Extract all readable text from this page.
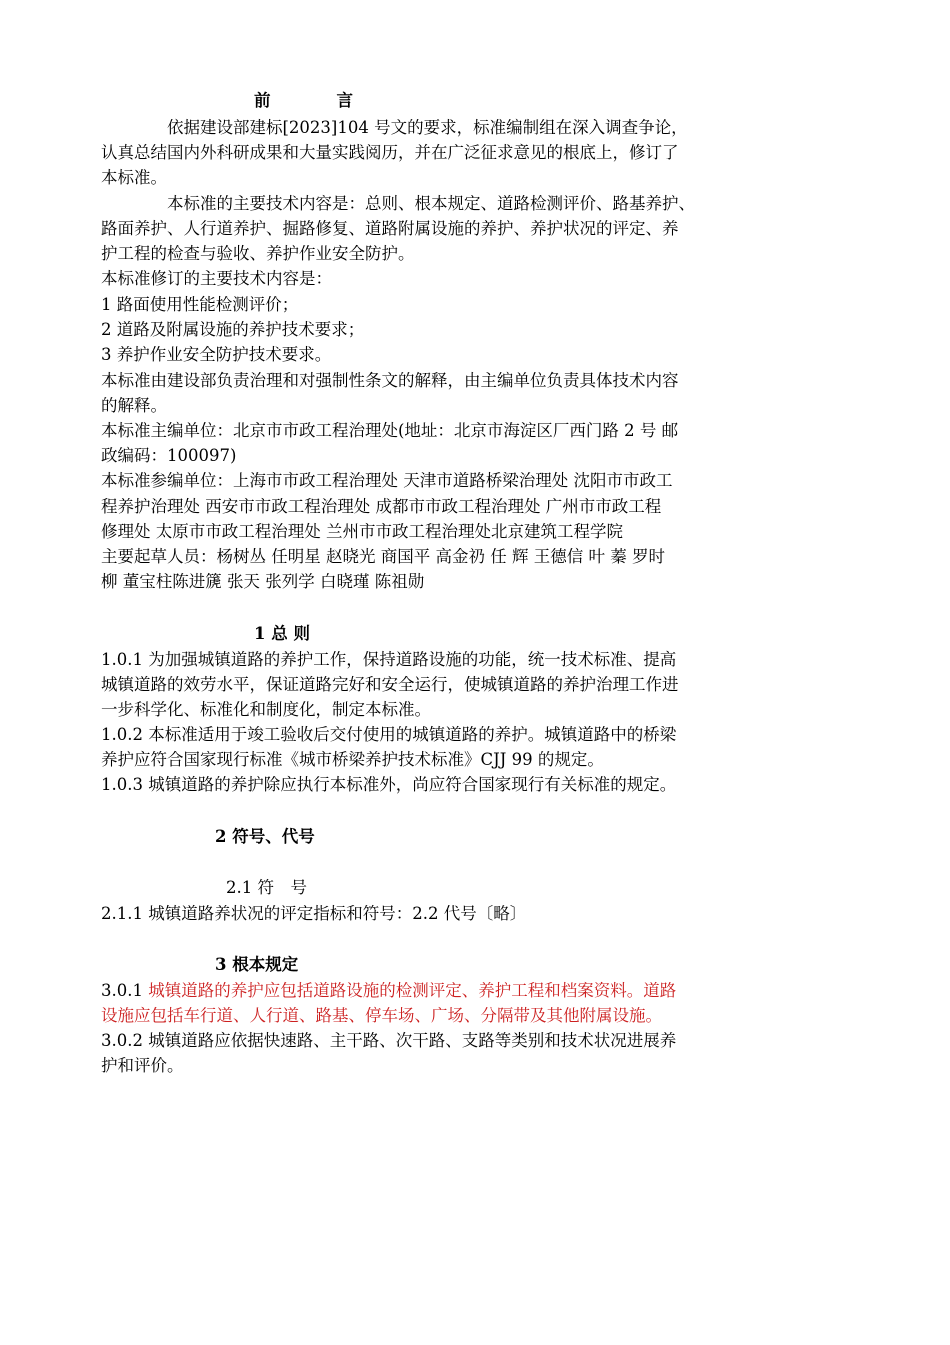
前　　　　言
依据建设部建标[2023]104 号文的要求，标准编制组在深入调查争论，
认真总结国内外科研成果和大量实践阅历，并在广泛征求意见的根底上，修订了
本标准。
本标准的主要技术内容是：总则、根本规定、道路检测评价、路基养护、
路面养护、人行道养护、掘路修复、道路附属设施的养护、养护状况的评定、养
护工程的检查与验收、养护作业安全防护。
本标准修订的主要技术内容是：
1 路面使用性能检测评价；
2 道路及附属设施的养护技术要求；
3 养护作业安全防护技术要求。
本标准由建设部负责治理和对强制性条文的解释，由主编单位负责具体技术内容
的解释。
本标准主编单位：北京市市政工程治理处(地址：北京市海淀区厂西门路 2 号 邮
政编码：100097)
本标准参编单位：上海市市政工程治理处 天津市道路桥梁治理处 沈阳市市政工
程养护治理处 西安市市政工程治理处 成都市市政工程治理处 广州市市政工程
修理处 太原市市政工程治理处 兰州市市政工程治理处北京建筑工程学院
主要起草人员：杨树丛 任明星 赵晓光 商国平 高金礽 任 辉 王德信 叶 蓁 罗时
柳 董宝柱陈进篪 张天 张列学 白晓瑾 陈祖勋
1 总 则
1.0.1 为加强城镇道路的养护工作，保持道路设施的功能，统一技术标准、提高
城镇道路的效劳水平，保证道路完好和安全运行，使城镇道路的养护治理工作进
一步科学化、标准化和制度化，制定本标准。
1.0.2 本标准适用于竣工验收后交付使用的城镇道路的养护。城镇道路中的桥梁
养护应符合国家现行标准《城市桥梁养护技术标准》CJJ 99 的规定。
1.0.3 城镇道路的养护除应执行本标准外，尚应符合国家现行有关标准的规定。
2 符号、代号
2.1 符　号
2.1.1 城镇道路养状况的评定指标和符号：2.2 代号〔略〕
3 根本规定
3.0.1 城镇道路的养护应包括道路设施的检测评定、养护工程和档案资料。道路
设施应包括车行道、人行道、路基、停车场、广场、分隔带及其他附属设施。
3.0.2 城镇道路应依据快速路、主干路、次干路、支路等类别和技术状况进展养
护和评价。
